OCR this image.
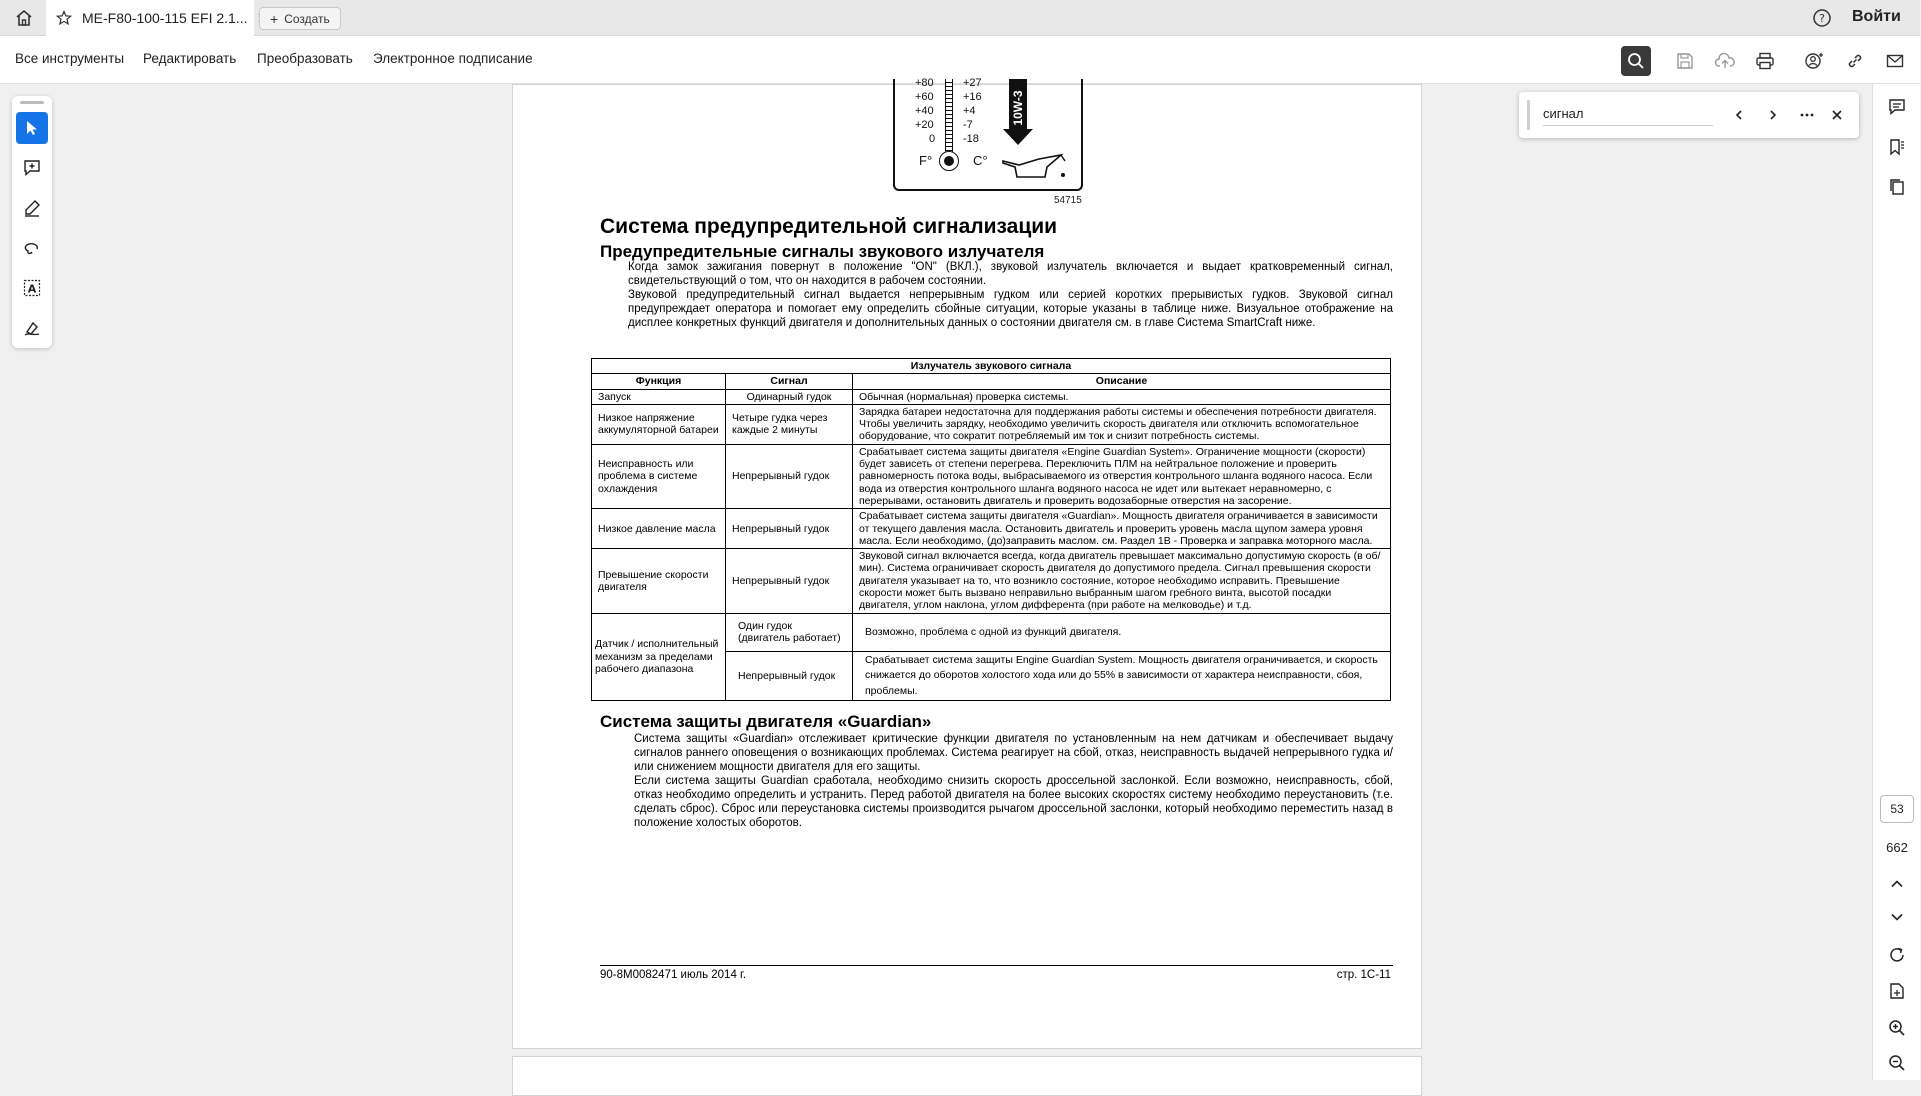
ME-F80-100-115 EFI 2.1... + Создать	? Войти
Все инструменты Редактировать Преобразовать Электронное подписание
A
сигнал
53
662
+80
+60
+40
+20
0
+27
+16
+4
-7
-18
F°	C°
10W-3
54715
Система предупредительной сигнализации
Предупредительные сигналы звукового излучателя

Когда замок зажигания повернут в положение "ON" (ВКЛ.), звуковой излучатель включается и выдает кратковременный сигнал, свидетельствующий о том, что он находится в рабочем состоянии.

Звуковой предупредительный сигнал выдается непрерывным гудком или серией коротких прерывистых гудков. Звуковой сигнал предупреждает оператора и помогает ему определить сбойные ситуации, которые указаны в таблице ниже. Визуальное отображение на дисплее конкретных функций двигателя и дополнительных данных о состоянии двигателя см. в главе Система SmartCraft ниже.

Излучатель звукового сигнала		
Функция	Сигнал	Описание
Запуск	Одинарный гудок	Обычная (нормальная) проверка системы.
Низкое напряжение аккумуляторной батареи	Четыре гудка через каждые 2 минуты	Зарядка батареи недостаточна для поддержания работы системы и обеспечения потребности двигателя. Чтобы увеличить зарядку, необходимо увеличить скорость двигателя или отключить вспомогательное оборудование, что сократит потребляемый им ток и снизит потребность системы.
Неисправность или проблема в системе охлаждения	Непрерывный гудок	Срабатывает система защиты двигателя «Engine Guardian System». Ограничение мощности (скорости) будет зависеть от степени перегрева. Переключить ПЛМ на нейтральное положение и проверить равномерность потока воды, выбрасываемого из отверстия контрольного шланга водяного насоса. Если вода из отверстия контрольного шланга водяного насоса не идет или вытекает неравномерно, с перерывами, остановить двигатель и проверить водозаборные отверстия на засорение.
Низкое давление масла	Непрерывный гудок	Срабатывает система защиты двигателя «Guardian». Мощность двигателя ограничивается в зависимости от текущего давления масла. Остановить двигатель и проверить уровень масла щупом замера уровня масла. Если необходимо, (до)заправить маслом. см. Раздел 1В - Проверка и заправка моторного масла.
Превышение скорости двигателя	Непрерывный гудок	Звуковой сигнал включается всегда, когда двигатель превышает максимально допустимую скорость (в об/мин). Система ограничивает скорость двигателя до допустимого предела. Сигнал превышения скорости двигателя указывает на то, что возникло состояние, которое необходимо исправить. Превышение скорости может быть вызвано неправильно выбранным шагом гребного винта, высотой посадки двигателя, углом наклона, углом дифферента (при работе на мелководье) и т.д.
Датчик / исполнительный механизм за пределами рабочего диапазона	Один гудок (двигатель работает)	Возможно, проблема с одной из функций двигателя.
	Непрерывный гудок	Срабатывает система защиты Engine Guardian System. Мощность двигателя ограничивается, и скорость снижается до оборотов холостого хода или до 55% в зависимости от характера неисправности, сбоя, проблемы.
Система защиты двигателя «Guardian»

Система защиты «Guardian» отслеживает критические функции двигателя по установленным на нем датчикам и обеспечивает выдачу сигналов раннего оповещения о возникающих проблемах. Система реагирует на сбой, отказ, неисправность выдачей непрерывного гудка и/или снижением мощности двигателя для его защиты.

Если система защиты Guardian сработала, необходимо снизить скорость дроссельной заслонкой. Если возможно, неисправность, сбой, отказ необходимо определить и устранить. Перед работой двигателя на более высоких скоростях систему необходимо переустановить (т.е. сделать сброс). Сброс или переустановка системы производится рычагом дроссельной заслонки, который необходимо переместить назад в положение холостых оборотов.

90-8M0082471 июль 2014 г.	стр. 1C-11
